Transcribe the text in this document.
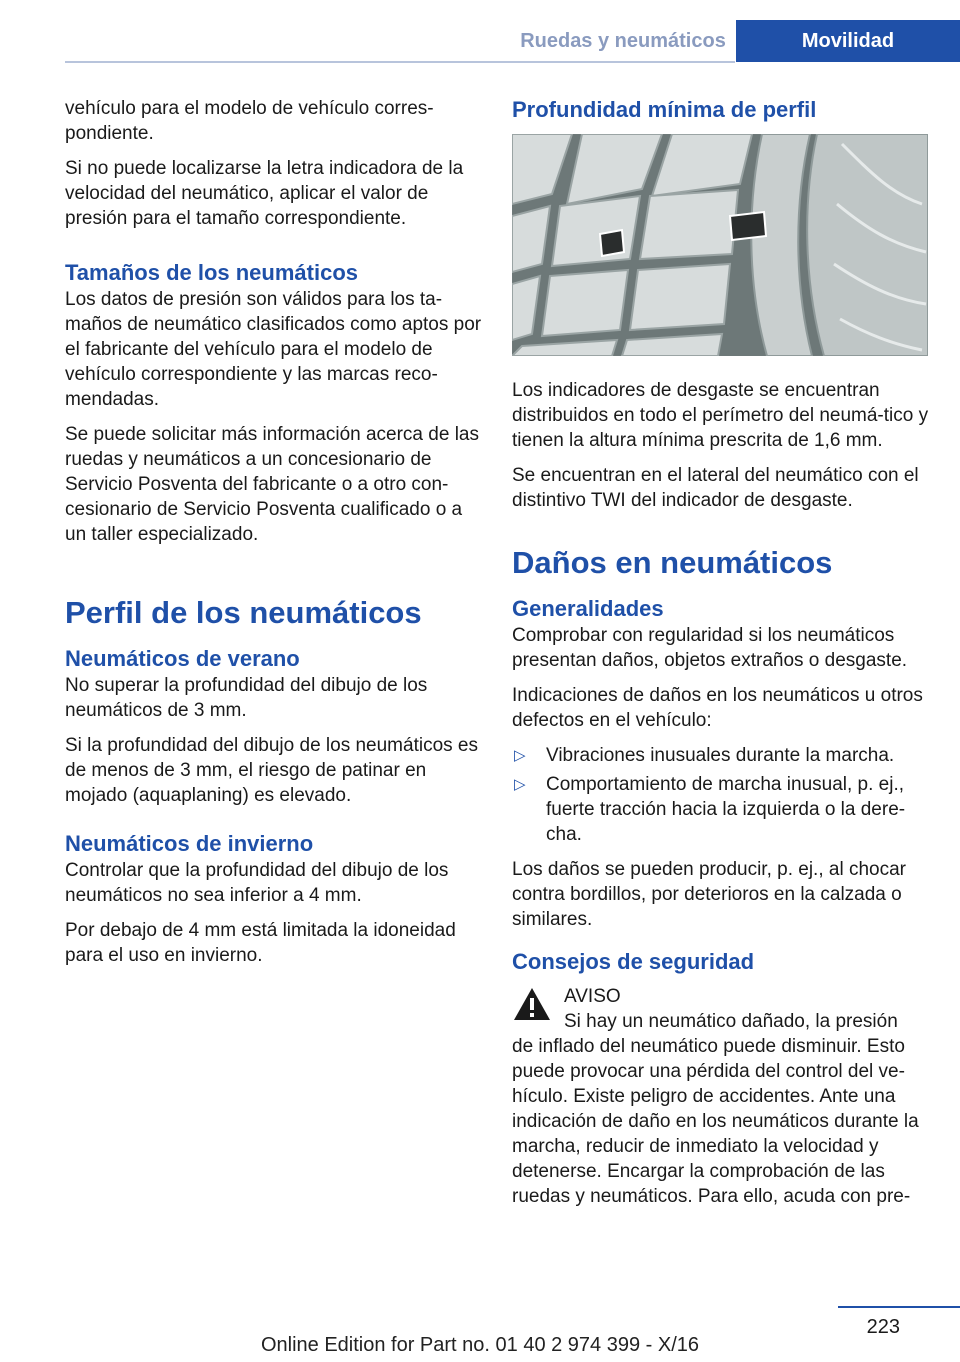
Ruedas y neumáticos	Movilidad

vehículo para el modelo de vehículo corres-pondiente.

Si no puede localizarse la letra indicadora de la velocidad del neumático, aplicar el valor de presión para el tamaño correspondiente.

Tamaños de los neumáticos

Los datos de presión son válidos para los ta-maños de neumático clasificados como aptos por el fabricante del vehículo para el modelo de vehículo correspondiente y las marcas reco-mendadas.

Se puede solicitar más información acerca de las ruedas y neumáticos a un concesionario de Servicio Posventa del fabricante o a otro con-cesionario de Servicio Posventa cualificado o a un taller especializado.

Perfil de los neumáticos
Neumáticos de verano

No superar la profundidad del dibujo de los neumáticos de 3 mm.

Si la profundidad del dibujo de los neumáticos es de menos de 3 mm, el riesgo de patinar en mojado (aquaplaning) es elevado.

Neumáticos de invierno

Controlar que la profundidad del dibujo de los neumáticos no sea inferior a 4 mm.

Por debajo de 4 mm está limitada la idoneidad para el uso en invierno.

Profundidad mínima de perfil

Los indicadores de desgaste se encuentran distribuidos en todo el perímetro del neumá-tico y tienen la altura mínima prescrita de 1,6 mm.

Se encuentran en el lateral del neumático con el distintivo TWI del indicador de desgaste.

Daños en neumáticos
Generalidades

Comprobar con regularidad si los neumáticos presentan daños, objetos extraños o desgaste.

Indicaciones de daños en los neumáticos u otros defectos en el vehículo:

▷ Vibraciones inusuales durante la marcha.
▷ Comportamiento de marcha inusual, p. ej., fuerte tracción hacia la izquierda o la dere-cha.

Los daños se pueden producir, p. ej., al chocar contra bordillos, por deterioros en la calzada o similares.

Consejos de seguridad

AVISO

Si hay un neumático dañado, la presión

de inflado del neumático puede disminuir. Esto puede provocar una pérdida del control del ve-hículo. Existe peligro de accidentes. Ante una indicación de daño en los neumáticos durante la marcha, reducir de inmediato la velocidad y detenerse. Encargar la comprobación de las ruedas y neumáticos. Para ello, acuda con pre-

223
Online Edition for Part no. 01 40 2 974 399 - X/16
